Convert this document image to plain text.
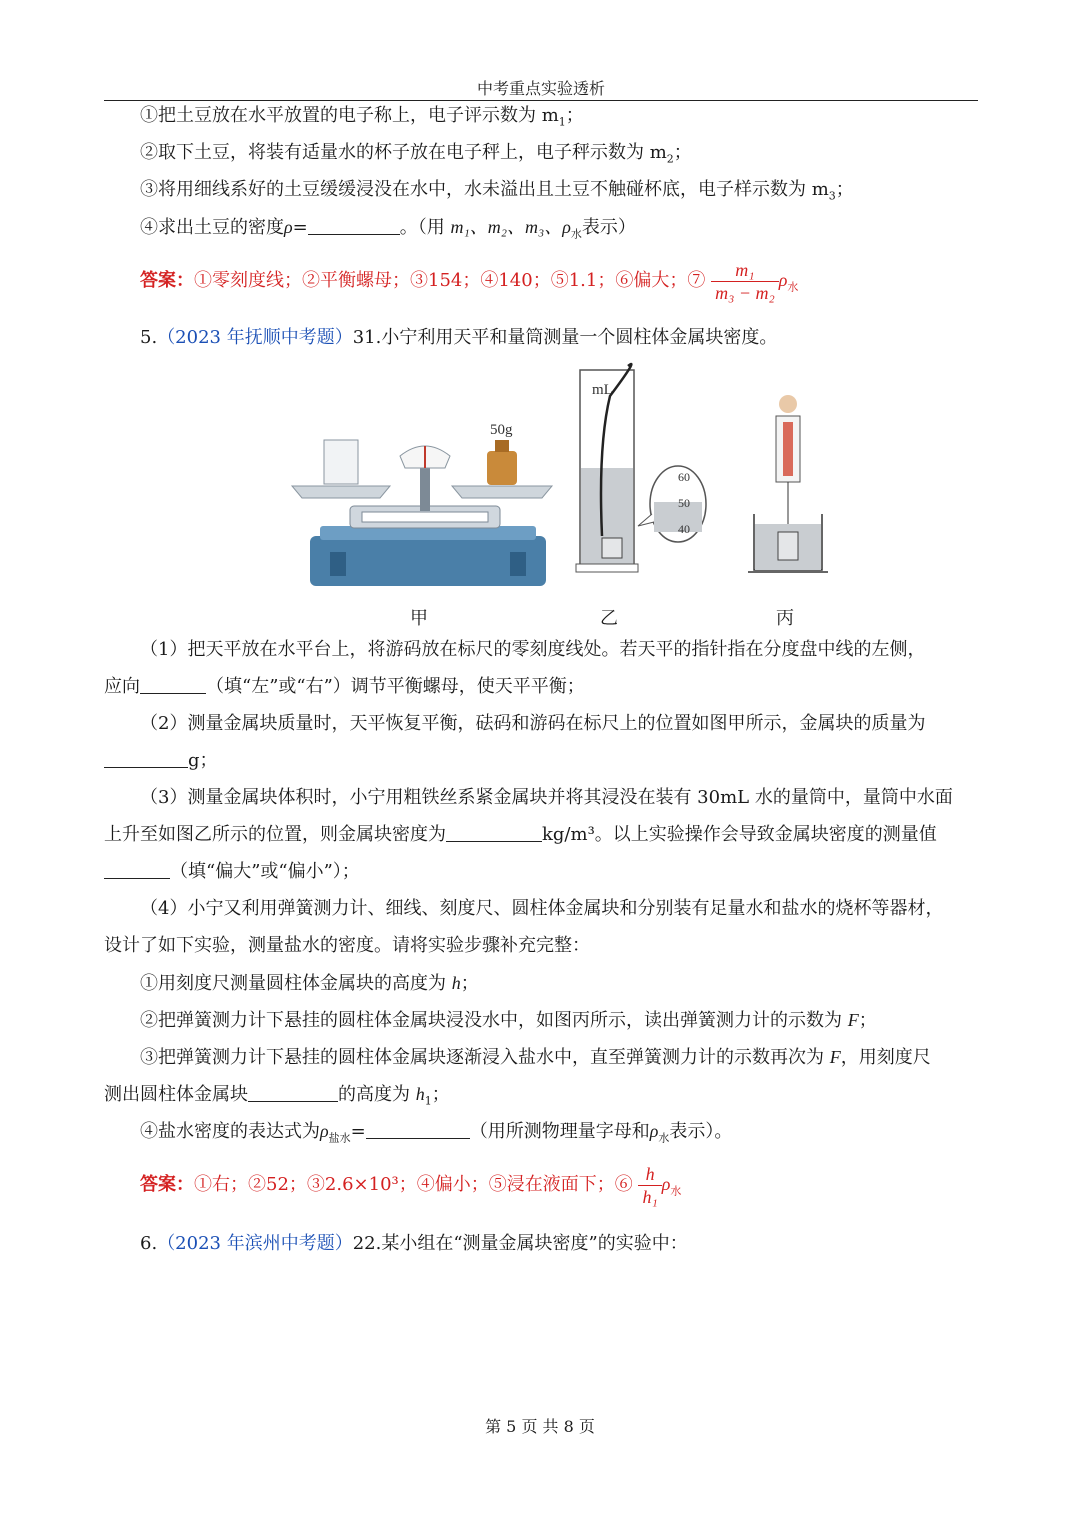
中考重点实验透析
①把土豆放在水平放置的电子称上，电子评示数为 $m_1$；
②取下土豆，将装有适量水的杯子放在电子秤上，电子秤示数为 $m_2$；
③将用细线系好的土豆缓缓浸没在水中，水未溢出且土豆不触碰杯底，电子样示数为 $m_3$；
④求出土豆的密度ρ=	。（用 m₁、m₂、m₃、$\rho_水$表示）
答案：①零刻度线；②平衡螺母；③154；④140；⑤1.1；⑥偏大；⑦ $\frac{\text{m₁}}{\text{m₃ − m₂}} \rho_水$
5.（2023 年抚顺中考题）31.小宁利用天平和量筒测量一个圆柱体金属块密度。
50g
mL
60
50
40
甲	乙	丙
（1）把天平放在水平台上，将游码放在标尺的零刻度线处。若天平的指针指在分度盘中线的左侧，
应向	（填“左”或“右”）调节平衡螺母，使天平平衡；
（2）测量金属块质量时，天平恢复平衡，砝码和游码在标尺上的位置如图甲所示，金属块的质量为
g；
（3）测量金属块体积时，小宁用粗铁丝系紧金属块并将其浸没在装有 30mL 水的量筒中，量筒中水面
上升至如图乙所示的位置，则金属块密度为	kg/m³。以上实验操作会导致金属块密度的测量值
（填“偏大”或“偏小”）；
（4）小宁又利用弹簧测力计、细线、刻度尺、圆柱体金属块和分别装有足量水和盐水的烧杯等器材，
设计了如下实验，测量盐水的密度。请将实验步骤补充完整：
①用刻度尺测量圆柱体金属块的高度为 h；
②把弹簧测力计下悬挂的圆柱体金属块浸没水中，如图丙所示，读出弹簧测力计的示数为 F；
③把弹簧测力计下悬挂的圆柱体金属块逐渐浸入盐水中，直至弹簧测力计的示数再次为 F，用刻度尺
测出圆柱体金属块	的高度为 $h_1$；
④盐水密度的表达式为$\rho_{盐水}=$	（用所测物理量字母和$\rho_水$表示）。
答案：①右；②52；③2.6×10³；④偏小；⑤浸在液面下；⑥ $\frac{h}{\text{h₁}} \rho_水$
6.（2023 年滨州中考题）22.某小组在“测量金属块密度”的实验中：
第 5 页 共 8 页
